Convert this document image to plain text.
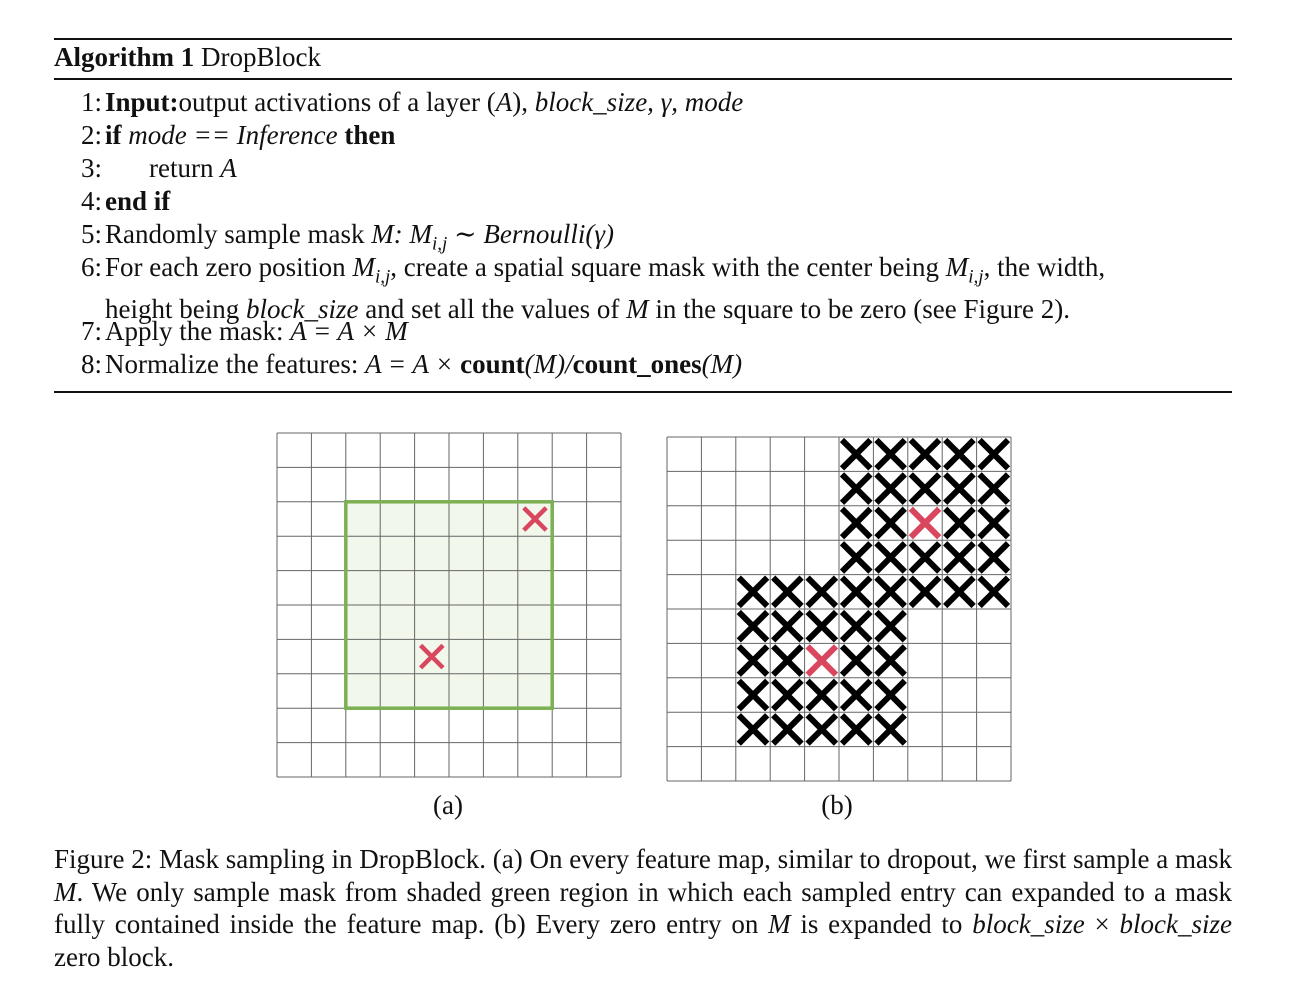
Algorithm 1 DropBlock
1: Input:output activations of a layer (A), block_size, γ, mode
2: if mode == Inference then
3:	return A
4: end if
5: Randomly sample mask M: $M_{i,j}$ ∼ Bernoulli(γ)
6: For each zero position $M_{i,j}$, create a spatial square mask with the center being $M_{i,j}$, the width,
height being block_size and set all the values of M in the square to be zero (see Figure 2).
7: Apply the mask: A = A × M
8: Normalize the features: A = A × count(M)/count_ones(M)
(a)	(b)
Figure 2: Mask sampling in DropBlock. (a) On every feature map, similar to dropout, we first sample a mask M. We only sample mask from shaded green region in which each sampled entry can expanded to a mask fully contained inside the feature map. (b) Every zero entry on M is expanded to block_size × block_size zero block.
